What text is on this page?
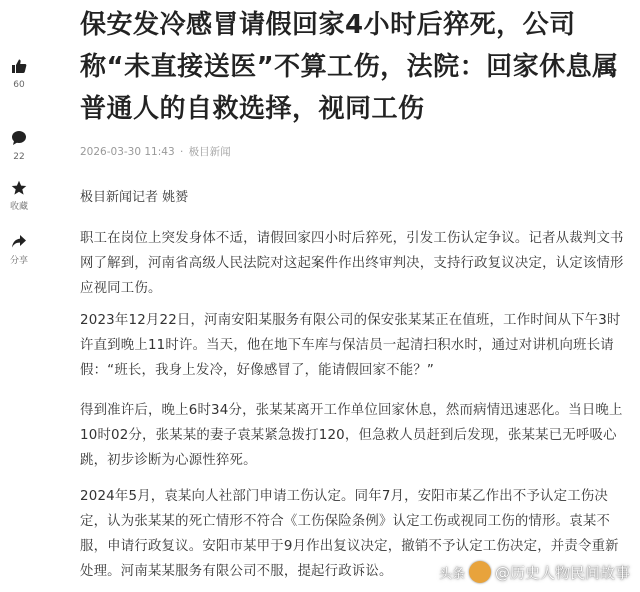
60
22
收藏
分享
保安发冷感冒请假回家4小时后猝死，公司称“未直接送医”不算工伤，法院：回家休息属普通人的自救选择，视同工伤
2026-03-30 11:43 · 极目新闻
极目新闻记者 姚赟

职工在岗位上突发身体不适，请假回家四小时后猝死，引发工伤认定争议。记者从裁判文书网了解到，河南省高级人民法院对这起案件作出终审判决，支持行政复议决定，认定该情形应视同工伤。

2023年12月22日，河南安阳某服务有限公司的保安张某某正在值班，工作时间从下午3时许直到晚上11时许。当天，他在地下车库与保洁员一起清扫积水时，通过对讲机向班长请假：“班长，我身上发冷，好像感冒了，能请假回家不能？”

得到准许后，晚上6时34分，张某某离开工作单位回家休息，然而病情迅速恶化。当日晚上10时02分，张某某的妻子袁某紧急拨打120，但急救人员赶到后发现，张某某已无呼吸心跳，初步诊断为心源性猝死。

2024年5月，袁某向人社部门申请工伤认定。同年7月，安阳市某乙作出不予认定工伤决定，认为张某某的死亡情形不符合《工伤保险条例》认定工伤或视同工伤的情形。袁某不服，申请行政复议。安阳市某甲于9月作出复议决定，撤销不予认定工伤决定，并责令重新处理。河南某某服务有限公司不服，提起行政诉讼。	头条 @历史人物民间故事
